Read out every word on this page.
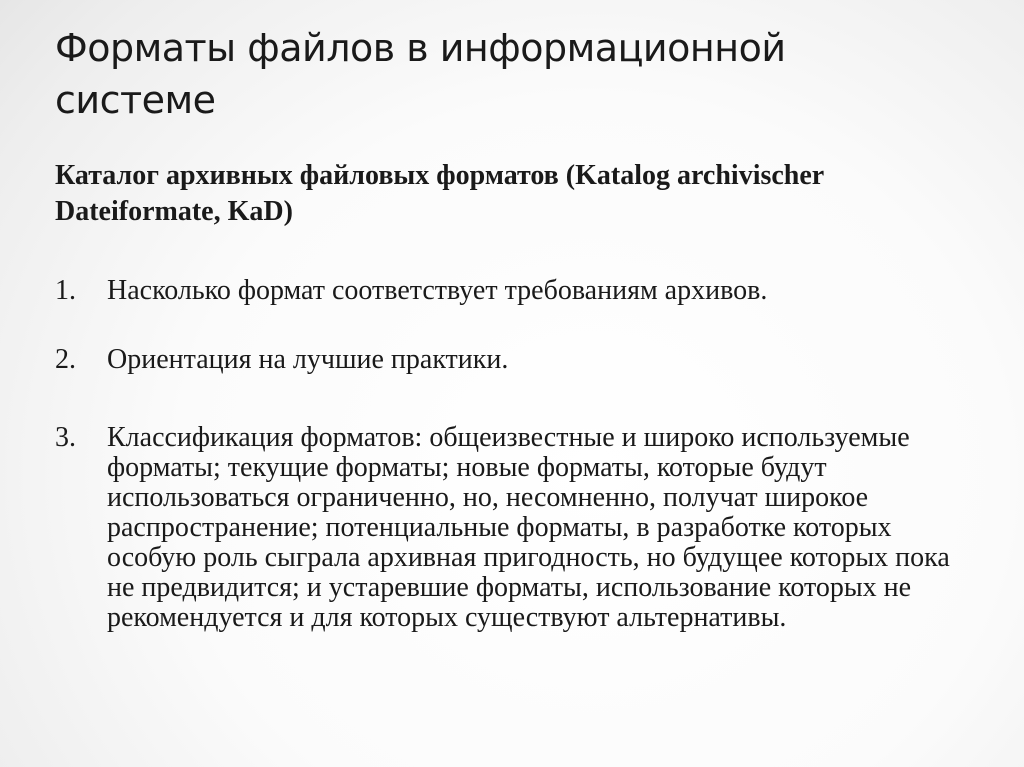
Форматы файлов в информационной системе

Каталог архивных файловых форматов (Katalog archivischer Dateiformate, KaD)

1.	Насколько формат соответствует требованиям архивов.
2.	Ориентация на лучшие практики.
3.	Классификация форматов: общеизвестные и широко используемые форматы; текущие форматы; новые форматы, которые будут использоваться ограниченно, но, несомненно, получат широкое распространение; потенциальные форматы, в разработке которых особую роль сыграла архивная пригодность, но будущее которых пока не предвидится; и устаревшие форматы, использование которых не рекомендуется и для которых существуют альтернативы.
